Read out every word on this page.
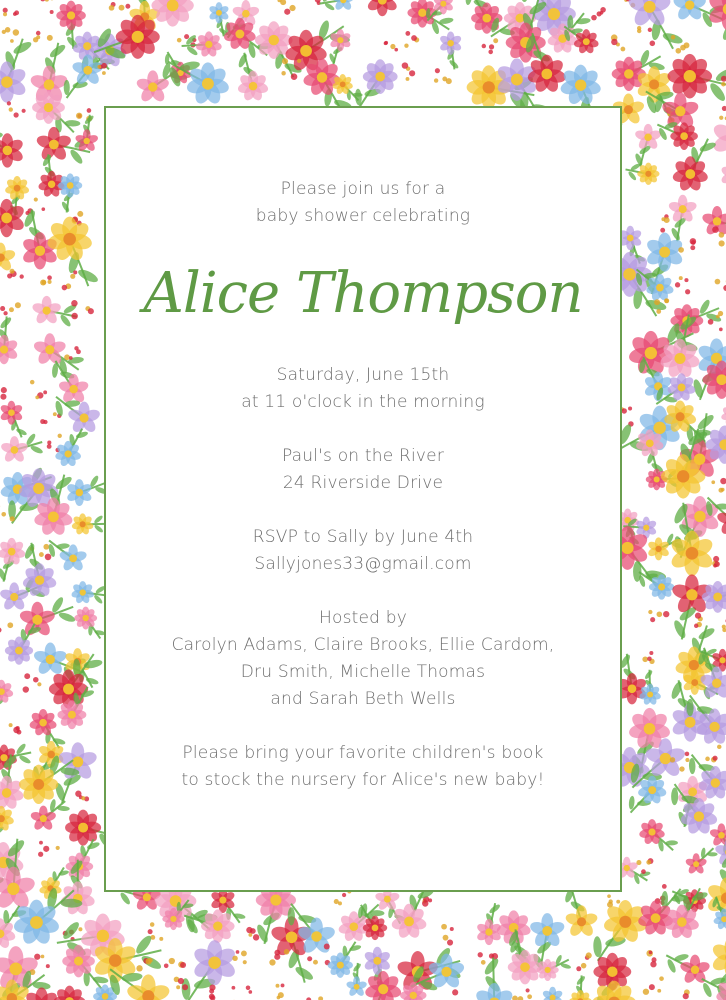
Please join us for a

baby shower celebrating

Alice Thompson

Saturday, June 15th

at 11 o'clock in the morning

Paul's on the River

24 Riverside Drive

RSVP to Sally by June 4th

Sallyjones33@gmail.com

Hosted by

Carolyn Adams, Claire Brooks, Ellie Cardom,

Dru Smith, Michelle Thomas

and Sarah Beth Wells

Please bring your favorite children's book

to stock the nursery for Alice's new baby!
